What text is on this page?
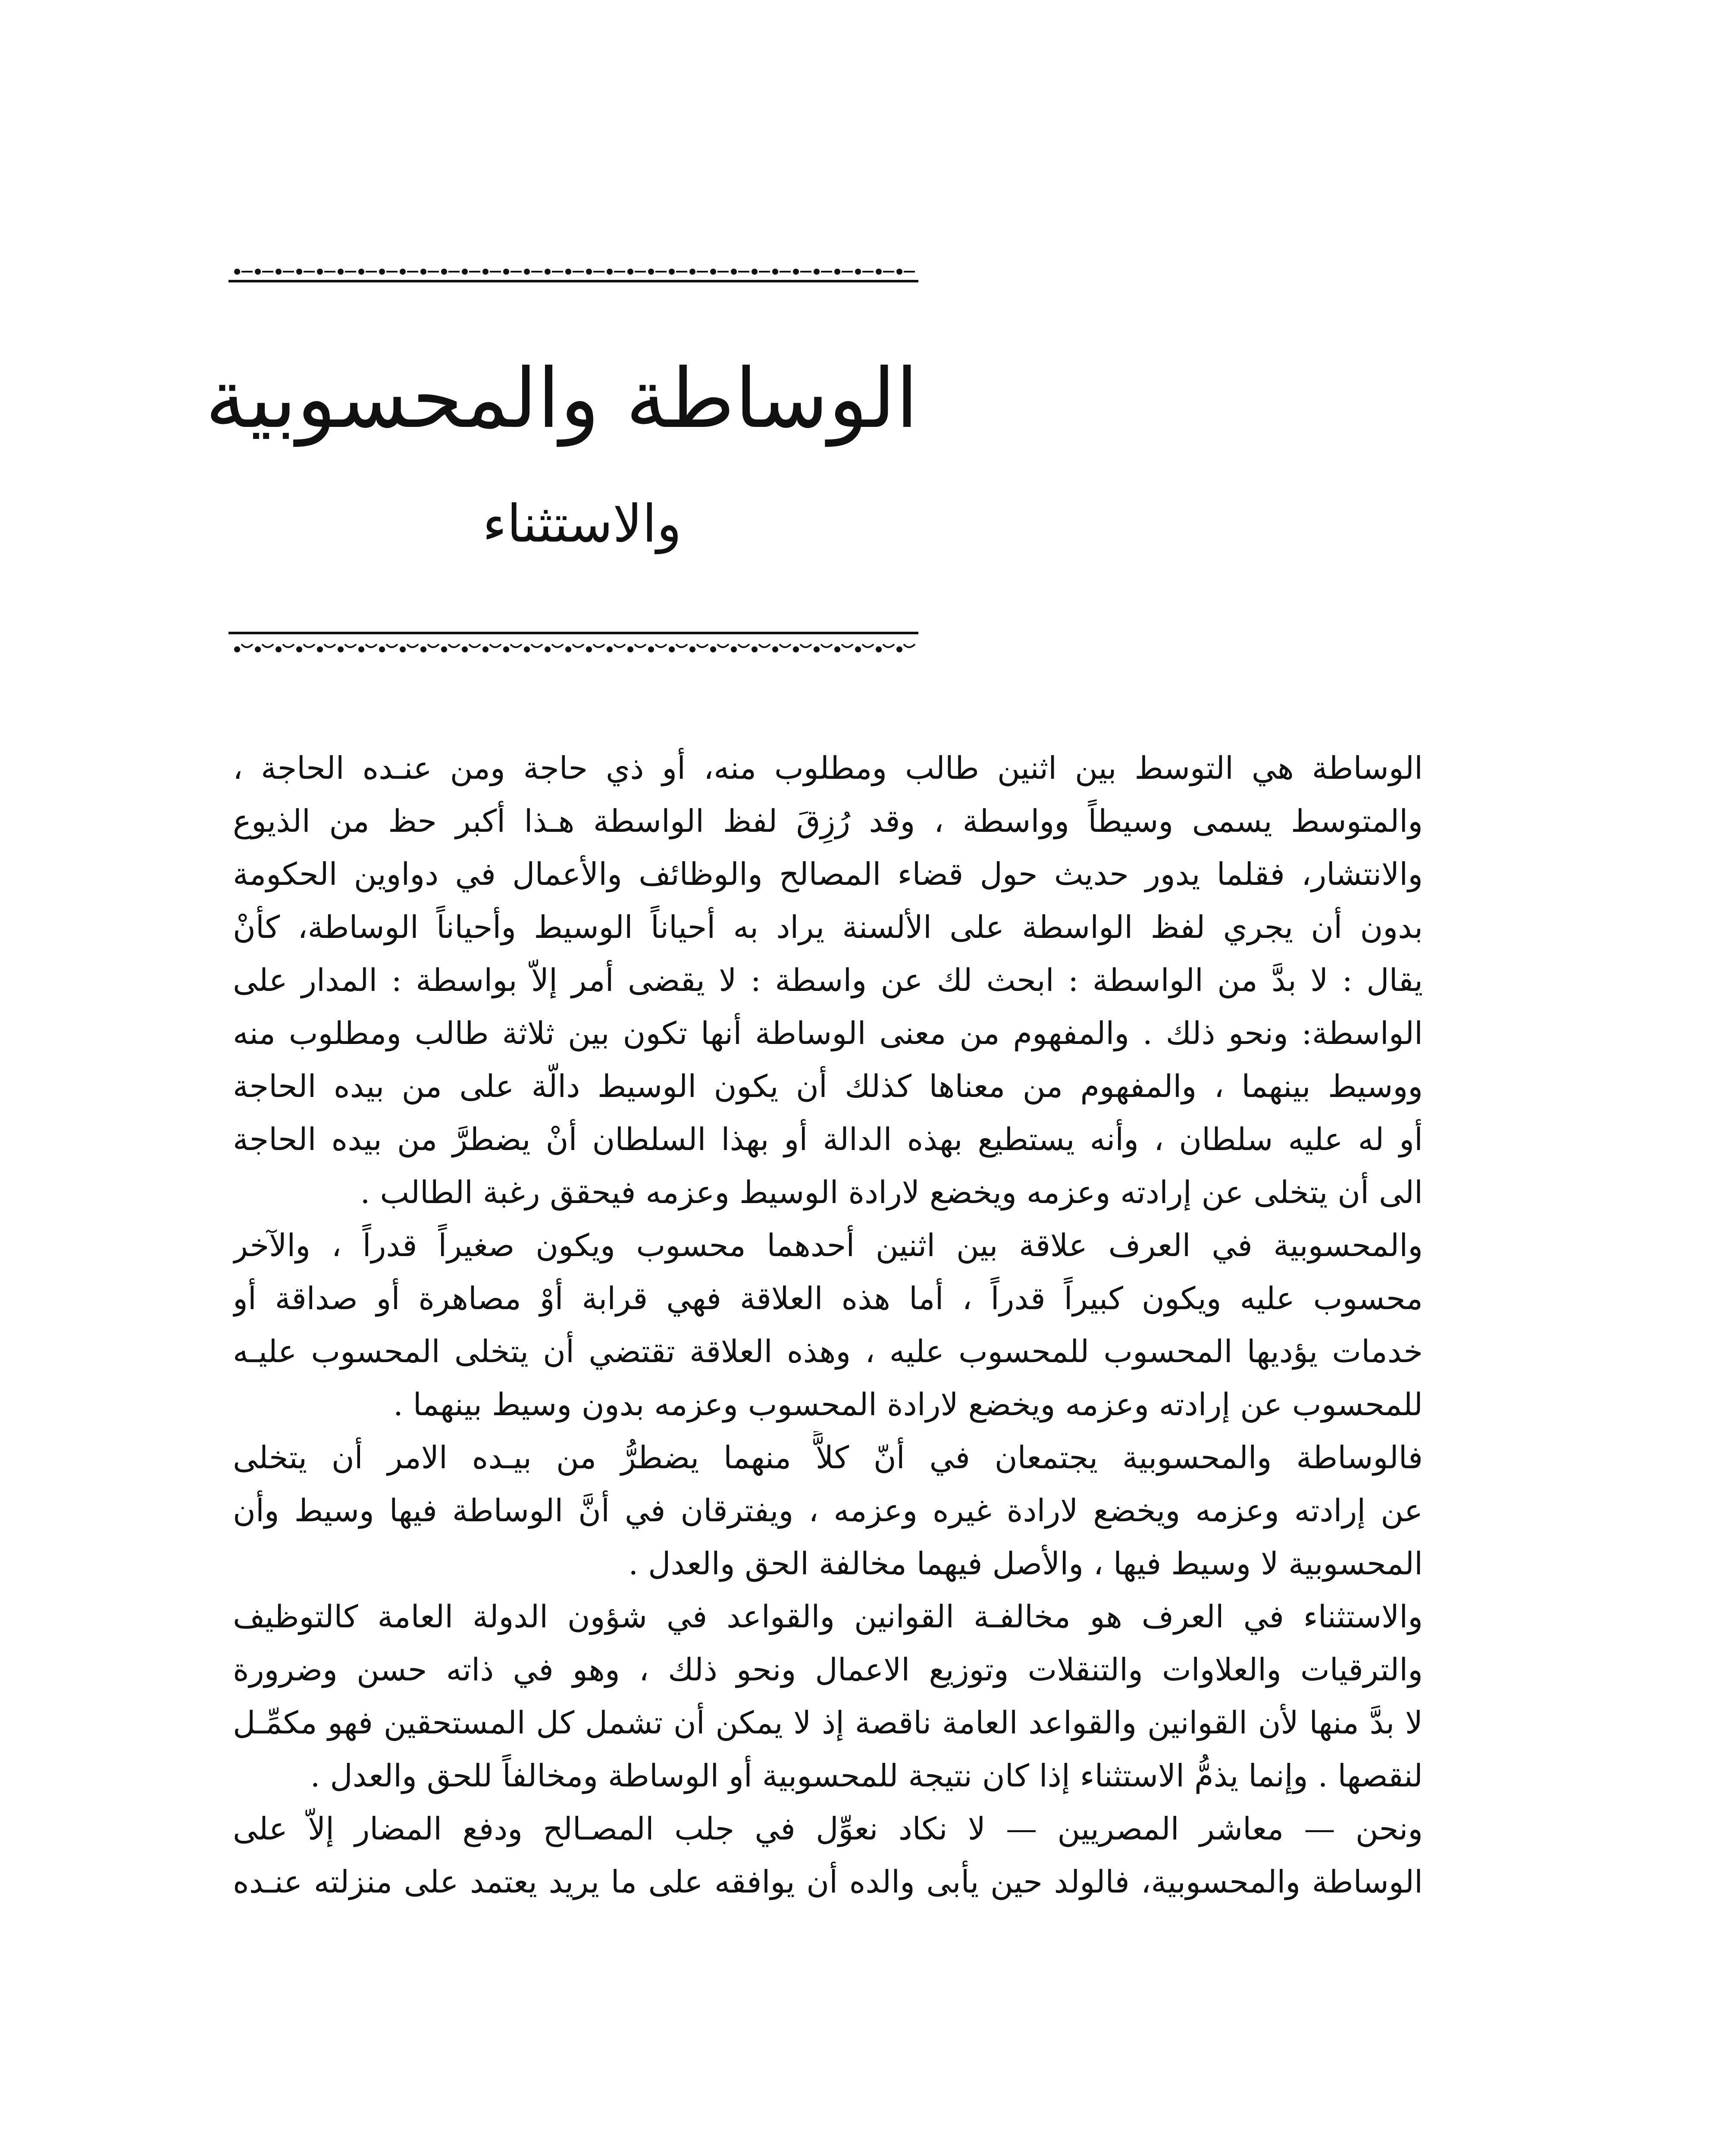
الوساطة والمحسوبية
والاستثناء

الوساطة هي التوسط بين اثنين طالب ومطلوب منه، أو ذي حاجة ومن عنـده الحاجة ،
والمتوسط يسمى وسيطاً وواسطة ، وقد رُزِقَ لفظ الواسطة هـذا أكبر حظ من الذيوع
والانتشار، فقلما يدور حديث حول قضاء المصالح والوظائف والأعمال في دواوين الحكومة
بدون أن يجري لفظ الواسطة على الألسنة يراد به أحياناً الوسيط وأحياناً الوساطة، كأنْ
يقال : لا بدَّ من الواسطة : ابحث لك عن واسطة : لا يقضى أمر إلاّ بواسطة : المدار على
الواسطة: ونحو ذلك . والمفهوم من معنى الوساطة أنها تكون بين ثلاثة طالب ومطلوب منه
ووسيط بينهما ، والمفهوم من معناها كذلك أن يكون الوسيط دالّة على من بيده الحاجة
أو له عليه سلطان ، وأنه يستطيع بهذه الدالة أو بهذا السلطان أنْ يضطرَّ من بيده الحاجة
الى أن يتخلى عن إرادته وعزمه ويخضع لارادة الوسيط وعزمه فيحقق رغبة الطالب .

والمحسوبية في العرف علاقة بين اثنين أحدهما محسوب ويكون صغيراً قدراً ، والآخر
محسوب عليه ويكون كبيراً قدراً ، أما هذه العلاقة فهي قرابة أوْ مصاهرة أو صداقة أو
خدمات يؤديها المحسوب للمحسوب عليه ، وهذه العلاقة تقتضي أن يتخلى المحسوب عليـه
للمحسوب عن إرادته وعزمه ويخضع لارادة المحسوب وعزمه بدون وسيط بينهما .

فالوساطة والمحسوبية يجتمعان في أنّ كلاًّ منهما يضطرُّ من بيـده الامر أن يتخلى
عن إرادته وعزمه ويخضع لارادة غيره وعزمه ، ويفترقان في أنَّ الوساطة فيها وسيط وأن
المحسوبية لا وسيط فيها ، والأصل فيهما مخالفة الحق والعدل .

والاستثناء في العرف هو مخالفـة القوانين والقواعد في شؤون الدولة العامة كالتوظيف
والترقيات والعلاوات والتنقلات وتوزيع الاعمال ونحو ذلك ، وهو في ذاته حسن وضرورة
لا بدَّ منها لأن القوانين والقواعد العامة ناقصة إذ لا يمكن أن تشمل كل المستحقين فهو مكمِّـل
لنقصها . وإنما يذمُّ الاستثناء إذا كان نتيجة للمحسوبية أو الوساطة ومخالفاً للحق والعدل .

ونحن — معاشر المصريين — لا نكاد نعوِّل في جلب المصـالح ودفع المضار إلاّ على
الوساطة والمحسوبية، فالولد حين يأبى والده أن يوافقه على ما يريد يعتمد على منزلته عنـده
